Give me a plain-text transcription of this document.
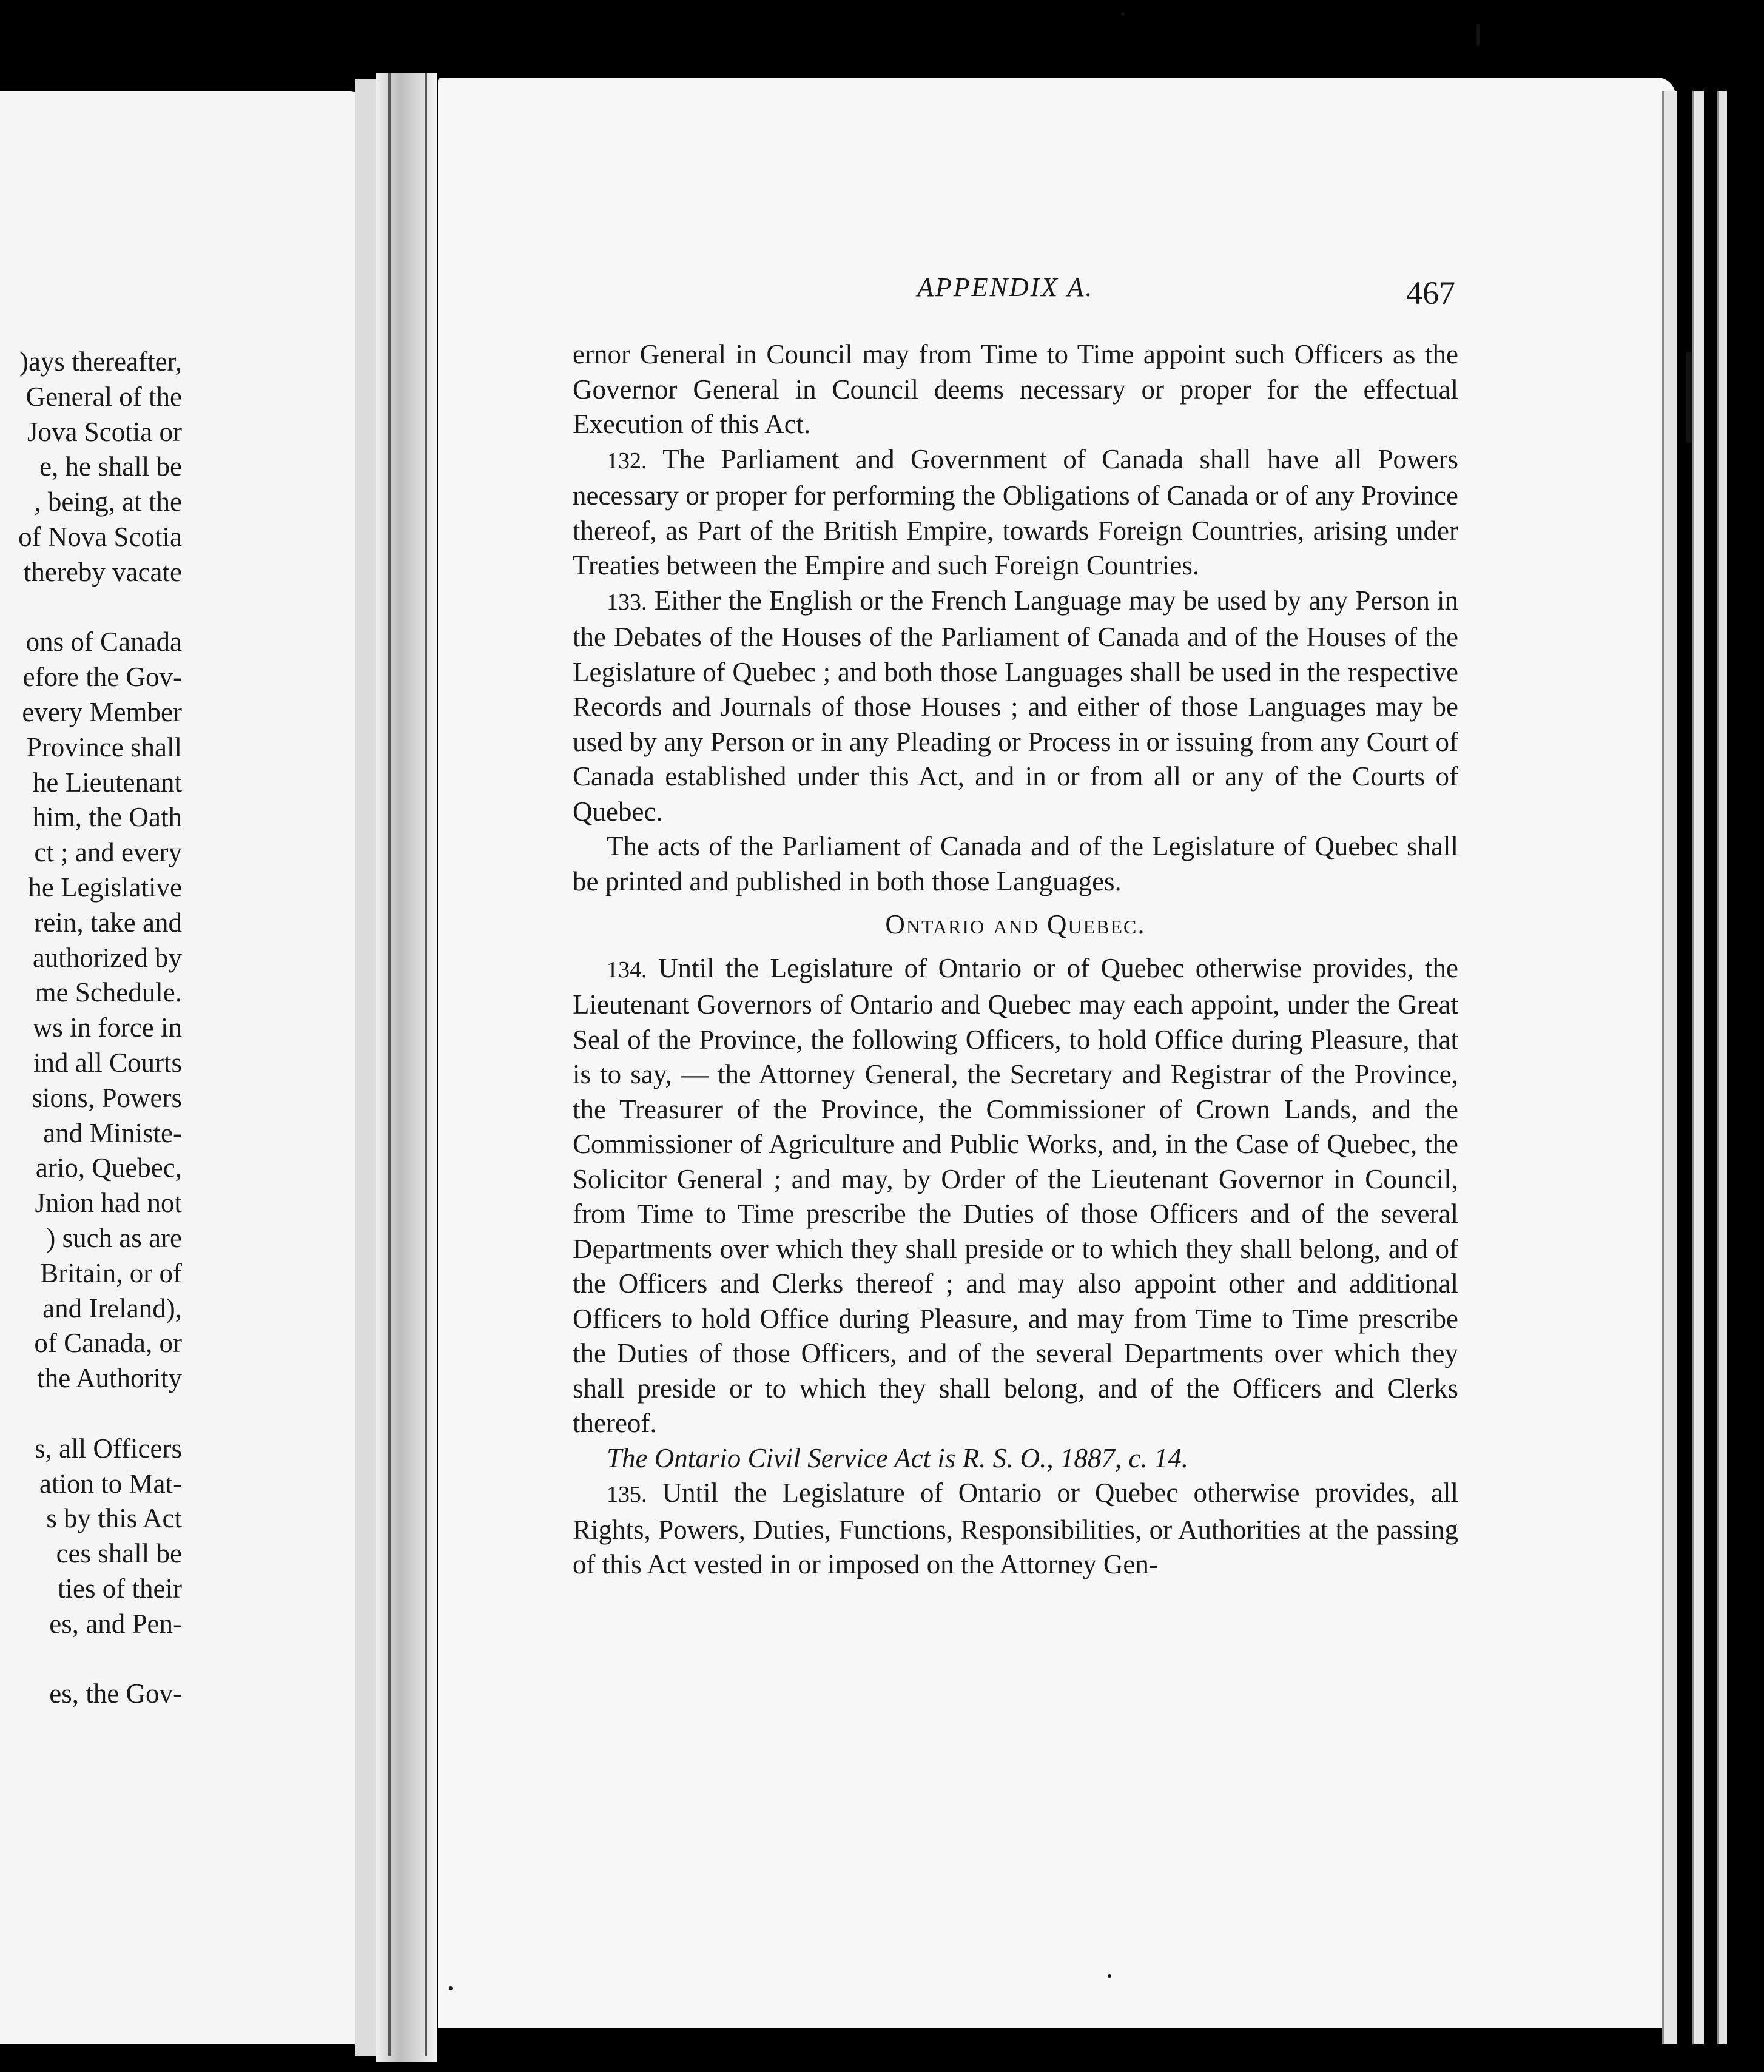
)ays thereafter,
General of the
Jova Scotia or
e, he shall be
, being, at the
of Nova Scotia
thereby vacate
ons of Canada
efore the Gov-
every Member
Province shall
he Lieutenant
him, the Oath
ct ; and every
he Legislative
rein, take and
authorized by
me Schedule.
ws in force in
ind all Courts
sions, Powers
and Ministe-
ario, Quebec,
Jnion had not
) such as are
Britain, or of
and Ireland),
of Canada, or
the Authority
s, all Officers
ation to Mat-
s by this Act
ces shall be
ties of their
es, and Pen-
es, the Gov-
APPENDIX A.	467

ernor General in Council may from Time to Time appoint such Officers as the Governor General in Council deems necessary or proper for the effectual Execution of this Act.

132. The Parliament and Government of Canada shall have all Powers necessary or proper for performing the Obligations of Canada or of any Province thereof, as Part of the British Empire, towards Foreign Countries, arising under Treaties between the Empire and such Foreign Countries.

133. Either the English or the French Language may be used by any Person in the Debates of the Houses of the Parliament of Canada and of the Houses of the Legislature of Quebec ; and both those Languages shall be used in the respective Records and Journals of those Houses ; and either of those Languages may be used by any Person or in any Pleading or Process in or issuing from any Court of Canada established under this Act, and in or from all or any of the Courts of Quebec.

The acts of the Parliament of Canada and of the Legislature of Quebec shall be printed and published in both those Languages.

Ontario and Quebec.

134. Until the Legislature of Ontario or of Quebec otherwise provides, the Lieutenant Governors of Ontario and Quebec may each appoint, under the Great Seal of the Province, the following Officers, to hold Office during Pleasure, that is to say, — the Attorney General, the Secretary and Registrar of the Province, the Treasurer of the Province, the Commissioner of Crown Lands, and the Commissioner of Agriculture and Public Works, and, in the Case of Quebec, the Solicitor General ; and may, by Order of the Lieutenant Governor in Council, from Time to Time prescribe the Duties of those Officers and of the several Departments over which they shall preside or to which they shall belong, and of the Officers and Clerks thereof ; and may also appoint other and additional Officers to hold Office during Pleasure, and may from Time to Time prescribe the Duties of those Officers, and of the several Departments over which they shall preside or to which they shall belong, and of the Officers and Clerks thereof.

The Ontario Civil Service Act is R. S. O., 1887, c. 14.

135. Until the Legislature of Ontario or Quebec otherwise provides, all Rights, Powers, Duties, Functions, Responsibilities, or Authorities at the passing of this Act vested in or imposed on the Attorney Gen-
